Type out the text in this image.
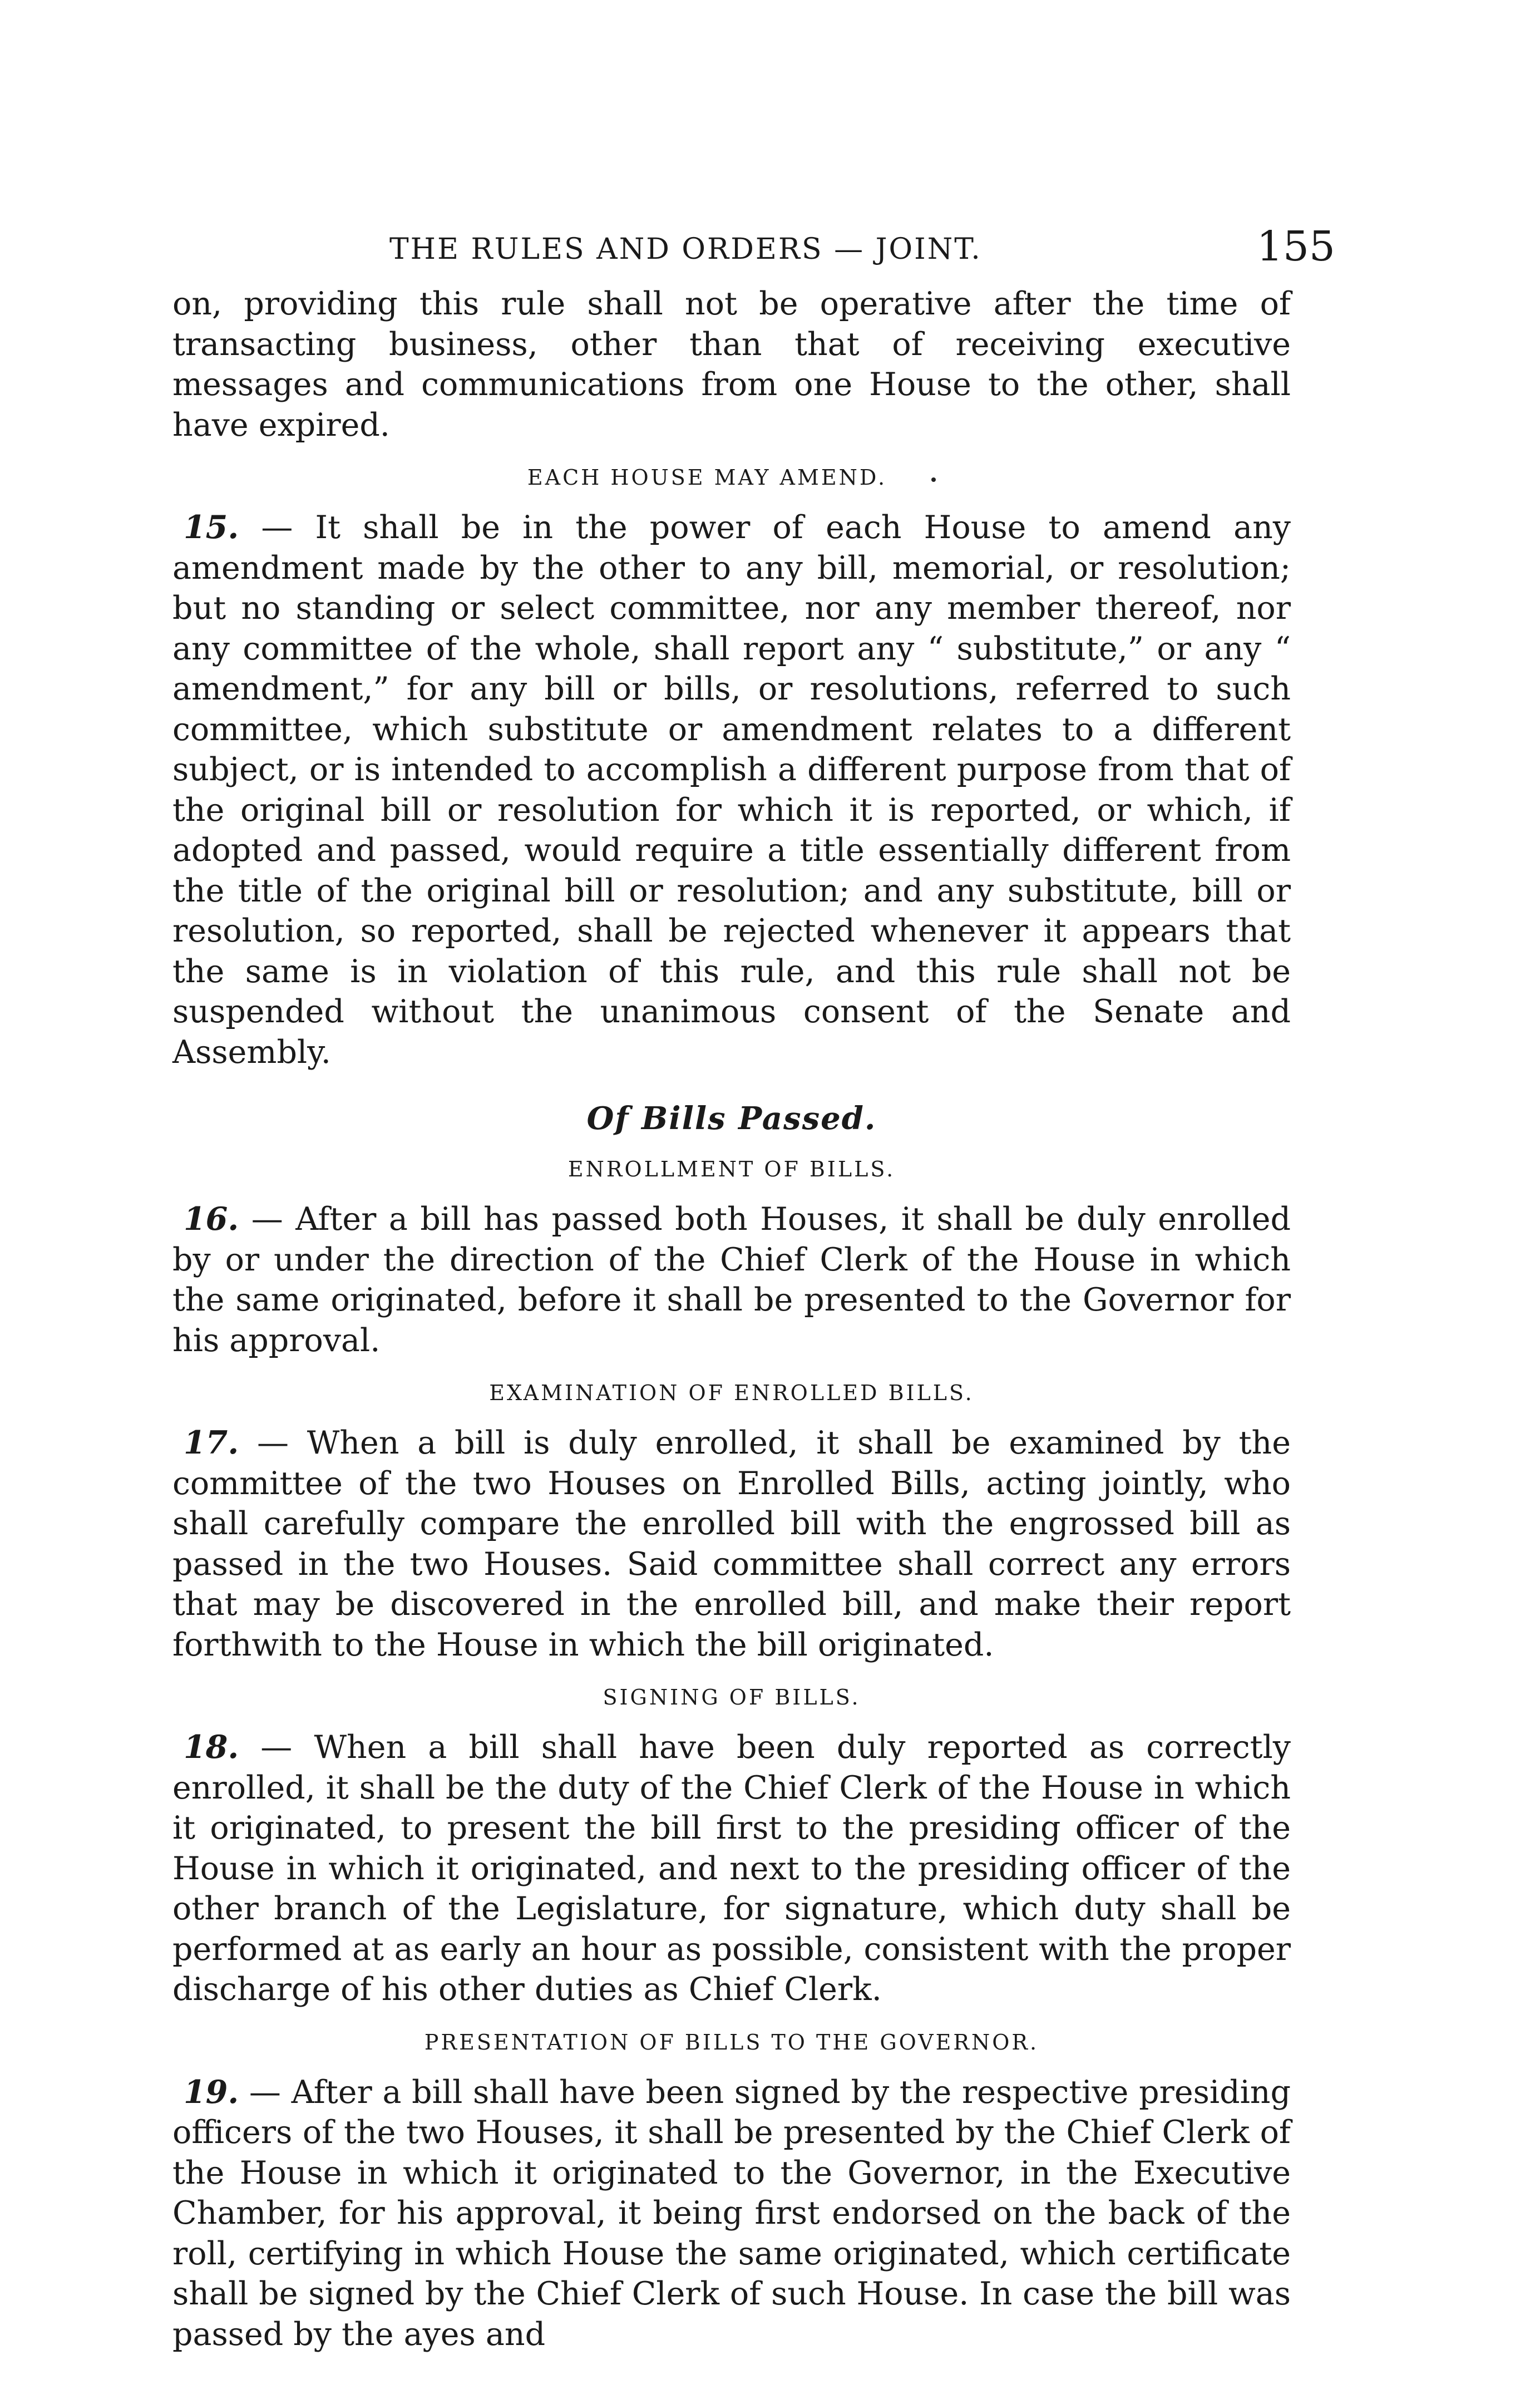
THE RULES AND ORDERS — JOINT.	155

on, providing this rule shall not be operative after the time of transacting business, other than that of receiving executive messages and communications from one House to the other, shall have expired.

EACH HOUSE MAY AMEND.

15. — It shall be in the power of each House to amend any amendment made by the other to any bill, memorial, or resolution; but no standing or select committee, nor any member thereof, nor any committee of the whole, shall report any “ substitute,” or any “ amendment,” for any bill or bills, or resolutions, referred to such committee, which substitute or amendment relates to a different subject, or is intended to accomplish a different purpose from that of the original bill or resolution for which it is reported, or which, if adopted and passed, would require a title essentially different from the title of the original bill or resolution; and any substitute, bill or resolution, so reported, shall be rejected whenever it appears that the same is in violation of this rule, and this rule shall not be suspended without the unanimous consent of the Senate and Assembly.

Of Bills Passed.
ENROLLMENT OF BILLS.

16. — After a bill has passed both Houses, it shall be duly enrolled by or under the direction of the Chief Clerk of the House in which the same originated, before it shall be presented to the Governor for his approval.

EXAMINATION OF ENROLLED BILLS.

17. — When a bill is duly enrolled, it shall be examined by the committee of the two Houses on Enrolled Bills, acting jointly, who shall carefully compare the enrolled bill with the engrossed bill as passed in the two Houses. Said committee shall correct any errors that may be discovered in the enrolled bill, and make their report forthwith to the House in which the bill originated.

SIGNING OF BILLS.

18. — When a bill shall have been duly reported as correctly enrolled, it shall be the duty of the Chief Clerk of the House in which it originated, to present the bill first to the presiding officer of the House in which it originated, and next to the presiding officer of the other branch of the Legislature, for signature, which duty shall be performed at as early an hour as possible, consistent with the proper discharge of his other duties as Chief Clerk.

PRESENTATION OF BILLS TO THE GOVERNOR.

19. — After a bill shall have been signed by the respective presiding officers of the two Houses, it shall be presented by the Chief Clerk of the House in which it originated to the Governor, in the Executive Chamber, for his approval, it being first endorsed on the back of the roll, certifying in which House the same originated, which certificate shall be signed by the Chief Clerk of such House. In case the bill was passed by the ayes and
